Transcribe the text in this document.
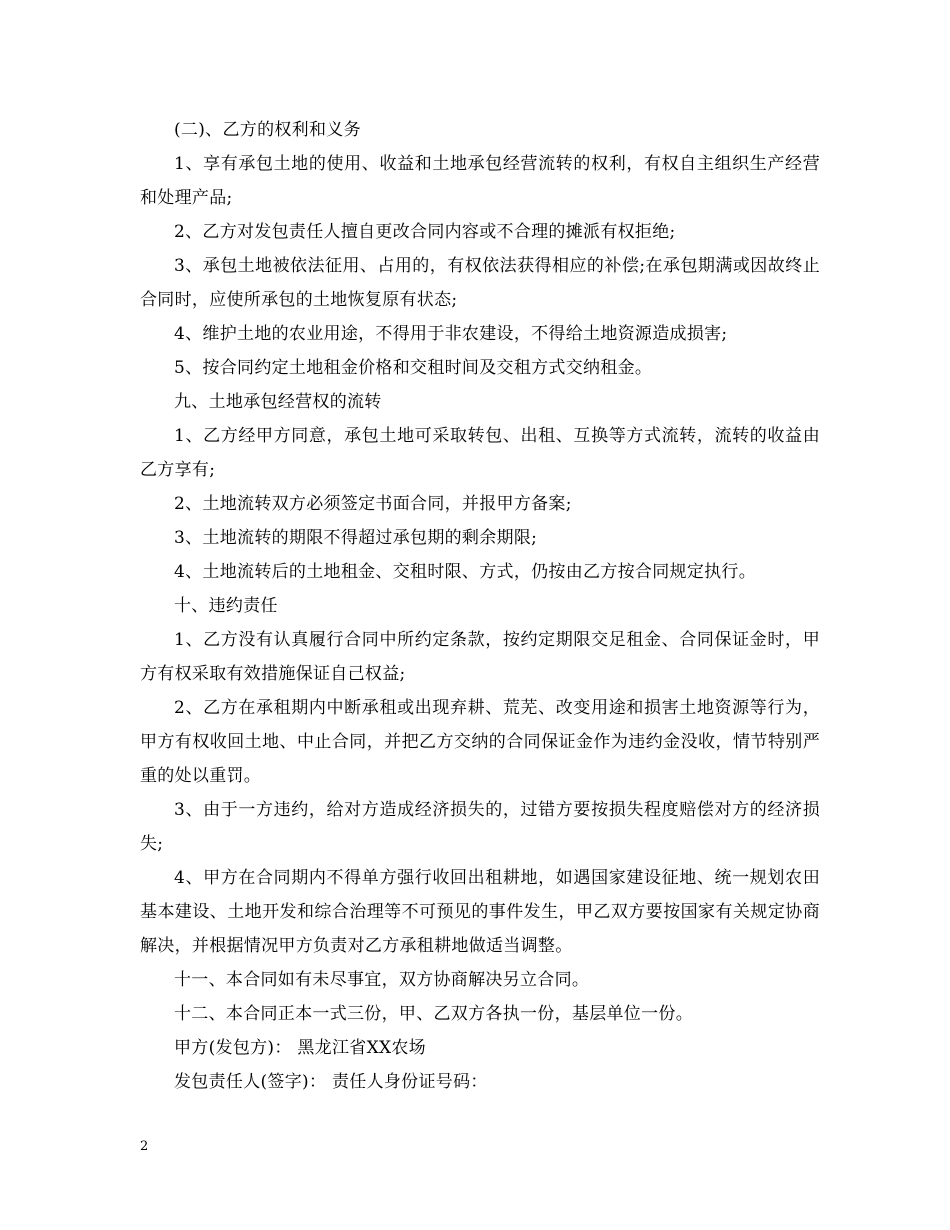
(二)、乙方的权利和义务

1、享有承包土地的使用、收益和土地承包经营流转的权利，有权自主组织生产经营和处理产品;

2、乙方对发包责任人擅自更改合同内容或不合理的摊派有权拒绝;

3、承包土地被依法征用、占用的，有权依法获得相应的补偿;在承包期满或因故终止合同时，应使所承包的土地恢复原有状态;

4、维护土地的农业用途，不得用于非农建设，不得给土地资源造成损害;

5、按合同约定土地租金价格和交租时间及交租方式交纳租金。

九、土地承包经营权的流转

1、乙方经甲方同意，承包土地可采取转包、出租、互换等方式流转，流转的收益由乙方享有;

2、土地流转双方必须签定书面合同，并报甲方备案;

3、土地流转的期限不得超过承包期的剩余期限;

4、土地流转后的土地租金、交租时限、方式，仍按由乙方按合同规定执行。

十、违约责任

1、乙方没有认真履行合同中所约定条款，按约定期限交足租金、合同保证金时，甲方有权采取有效措施保证自己权益;

2、乙方在承租期内中断承租或出现弃耕、荒芜、改变用途和损害土地资源等行为，甲方有权收回土地、中止合同，并把乙方交纳的合同保证金作为违约金没收，情节特别严重的处以重罚。

3、由于一方违约，给对方造成经济损失的，过错方要按损失程度赔偿对方的经济损失;

4、甲方在合同期内不得单方强行收回出租耕地，如遇国家建设征地、统一规划农田基本建设、土地开发和综合治理等不可预见的事件发生，甲乙双方要按国家有关规定协商解决，并根据情况甲方负责对乙方承租耕地做适当调整。

十一、本合同如有未尽事宜，双方协商解决另立合同。

十二、本合同正本一式三份，甲、乙双方各执一份，基层单位一份。

甲方(发包方)： 黑龙江省XX农场

发包责任人(签字)： 责任人身份证号码：

2
